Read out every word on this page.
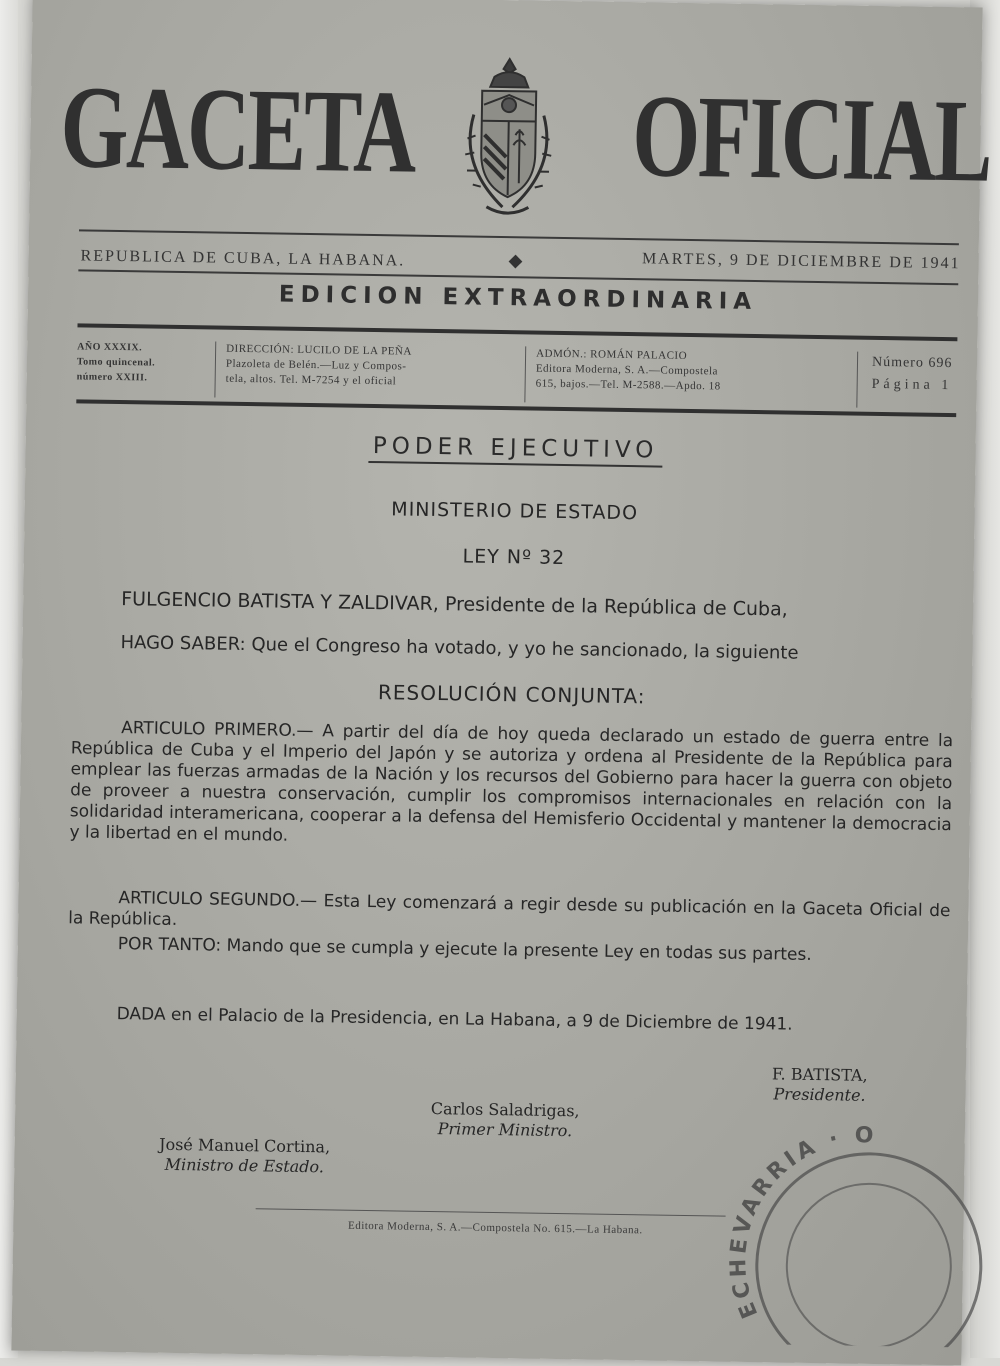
GACETA OFICIAL
REPUBLICA DE CUBA, LA HABANA.	◆	MARTES, 9 DE DICIEMBRE DE 1941
EDICION EXTRAORDINARIA
AÑO XXXIX.
Tomo quincenal.
número XXIII.
DIRECCIÓN: LUCILO DE LA PEÑA
Plazoleta de Belén.—Luz y Compos-
tela, altos. Tel. M-7254 y el oficial
ADMÓN.: ROMÁN PALACIO
Editora Moderna, S. A.—Compostela
615, bajos.—Tel. M-2588.—Apdo. 18
Número 696
Página 1
PODER EJECUTIVO
MINISTERIO DE ESTADO
LEY Nº 32
FULGENCIO BATISTA Y ZALDIVAR, Presidente de la República de Cuba,
HAGO SABER: Que el Congreso ha votado, y yo he sancionado, la siguiente
RESOLUCIÓN CONJUNTA:
ARTICULO PRIMERO.— A partir del día de hoy queda declarado un estado de guerra entre la República de Cuba y el Imperio del Japón y se autoriza y ordena al Presidente de la República para emplear las fuerzas armadas de la Nación y los recursos del Gobierno para hacer la guerra con objeto de proveer a nuestra conservación, cumplir los compromisos internacionales en relación con la solidaridad interamericana, cooperar a la defensa del Hemisferio Occidental y mantener la democracia y la libertad en el mundo.
ARTICULO SEGUNDO.— Esta Ley comenzará a regir desde su publicación en la Gaceta Oficial de la República.
POR TANTO: Mando que se cumpla y ejecute la presente Ley en todas sus partes.
DADA en el Palacio de la Presidencia, en La Habana, a 9 de Diciembre de 1941.
F. BATISTA,
Presidente.
Carlos Saladrigas,
Primer Ministro.
José Manuel Cortina,
Ministro de Estado.
Editora Moderna, S. A.—Compostela No. 615.—La Habana.
ECHEVARRIA · O
